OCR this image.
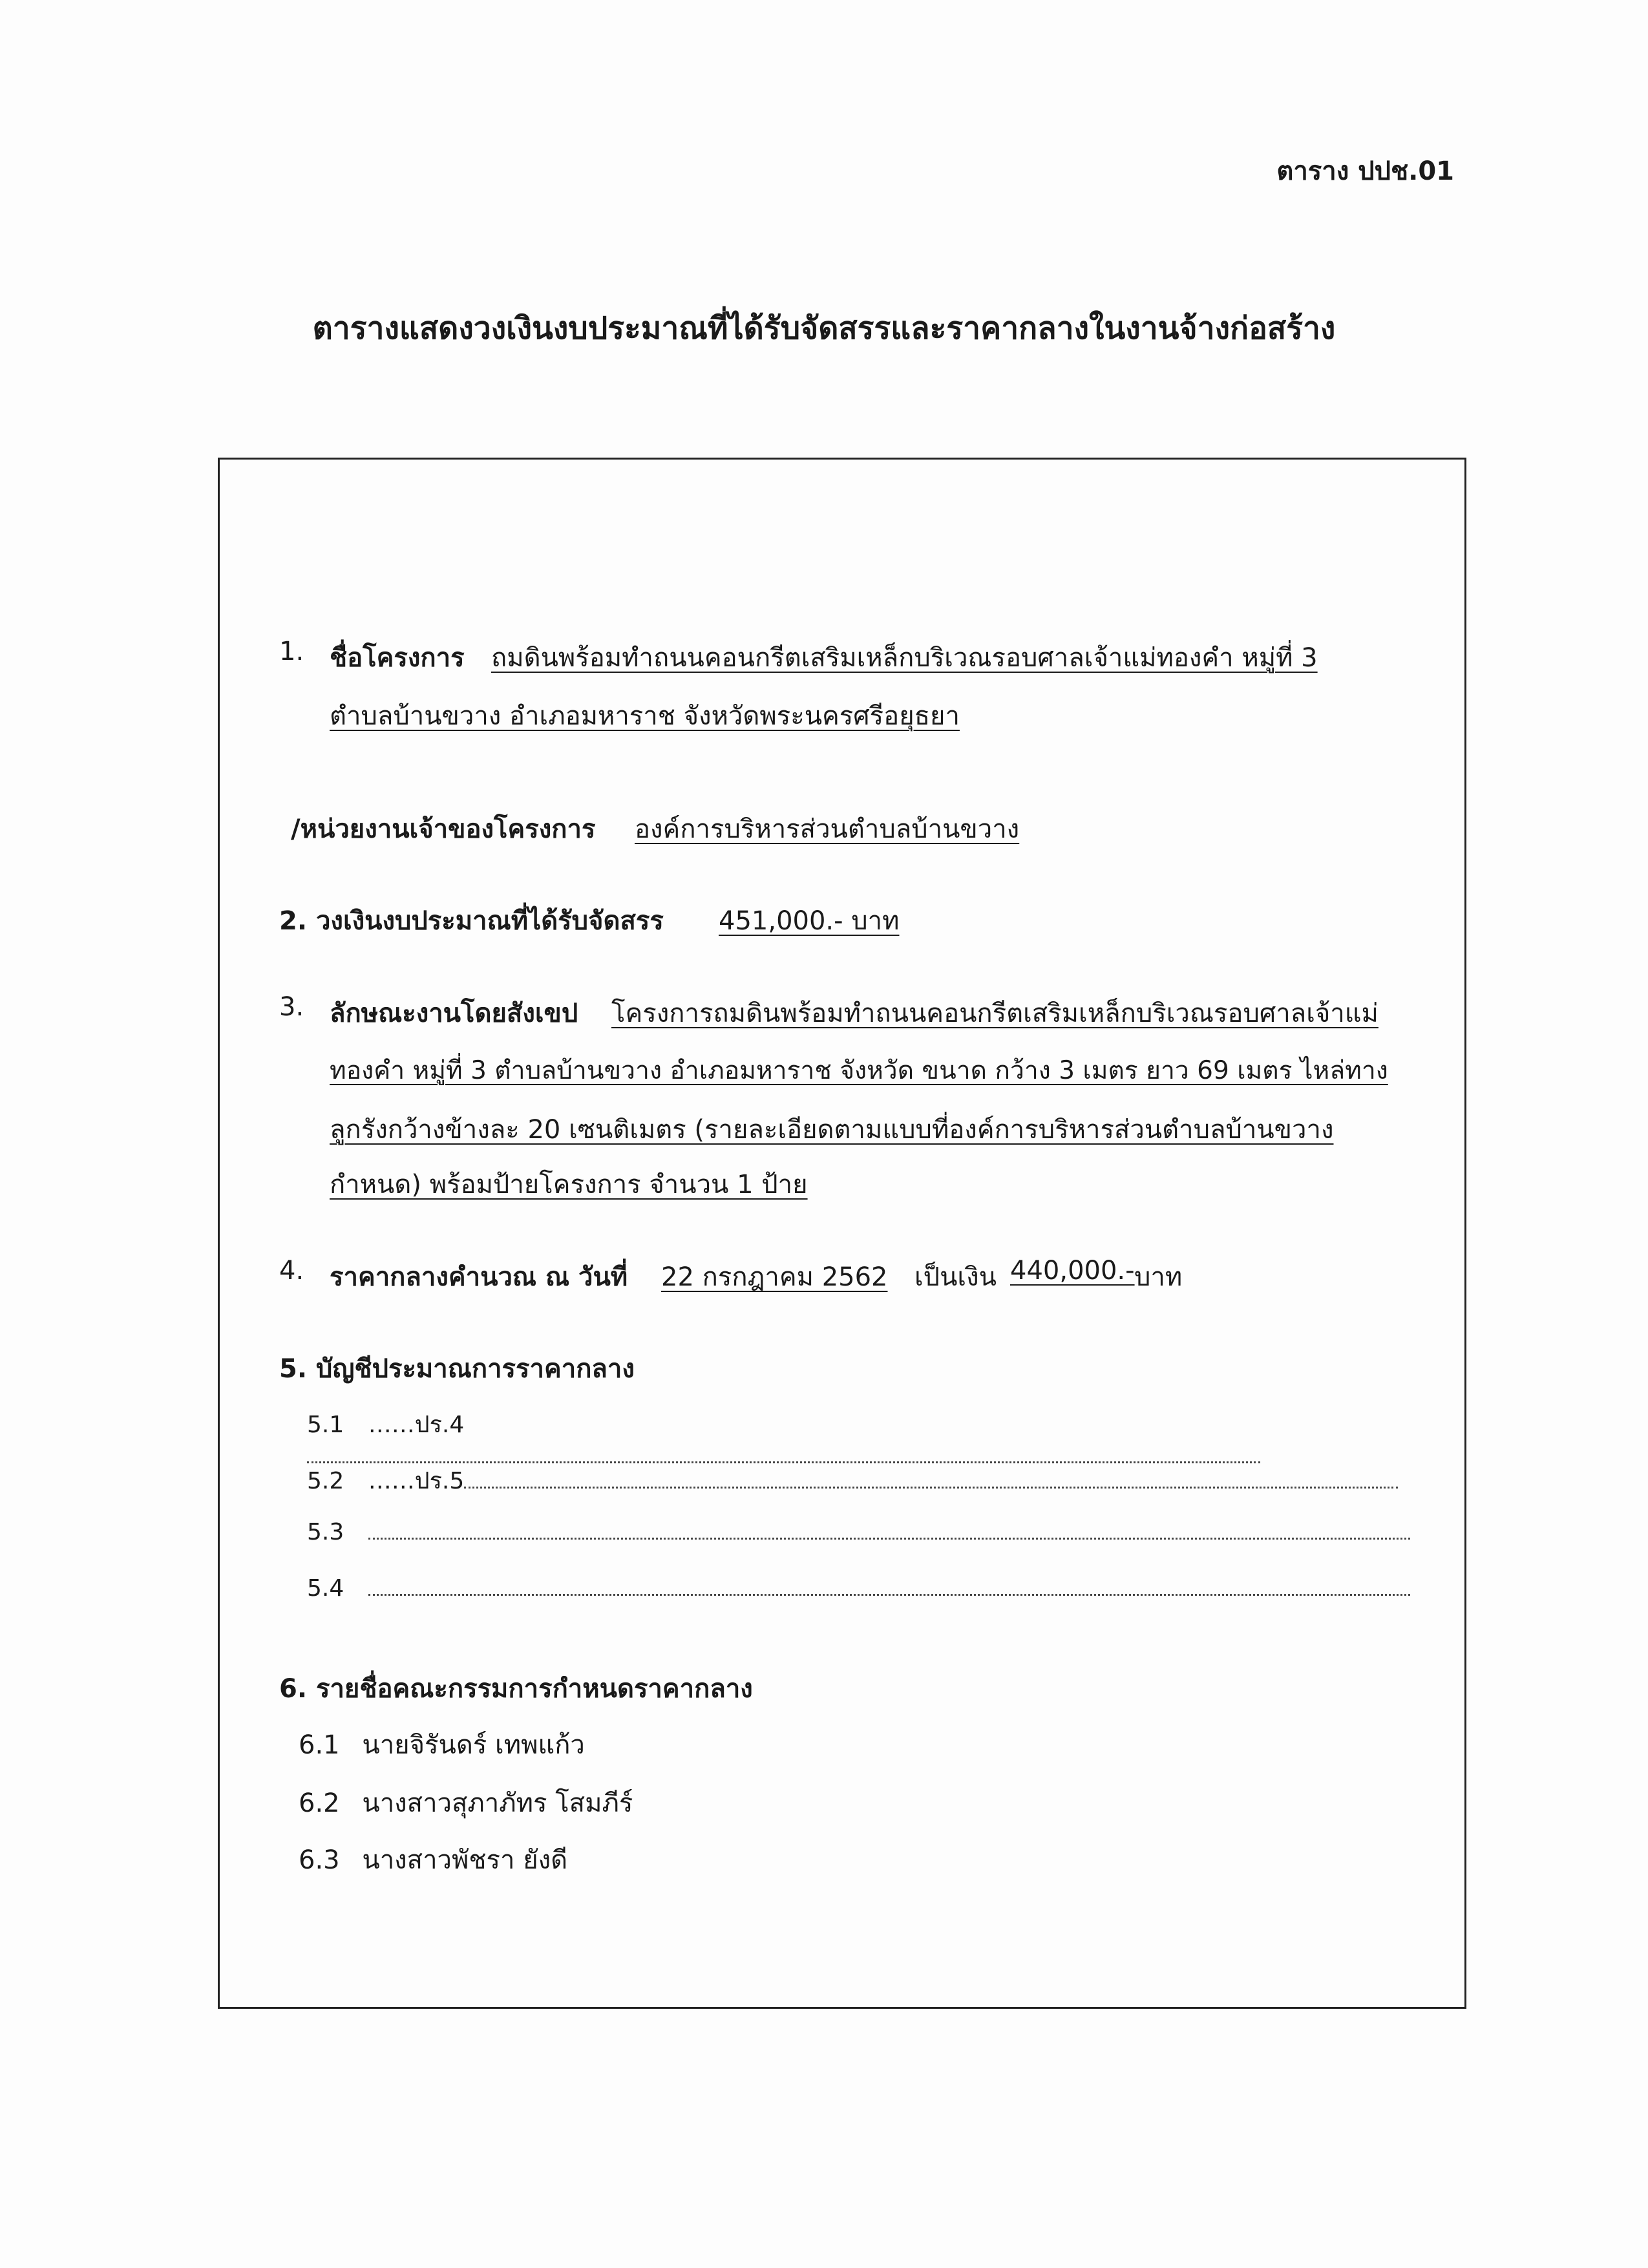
ตาราง ปปช.01
ตารางแสดงวงเงินงบประมาณที่ได้รับจัดสรรและราคากลางในงานจ้างก่อสร้าง
1. ชื่อโครงการ ถมดินพร้อมทำถนนคอนกรีตเสริมเหล็กบริเวณรอบศาลเจ้าแม่ทองคำ หมู่ที่ 3
ตำบลบ้านขวาง อำเภอมหาราช จังหวัดพระนครศรีอยุธยา
/หน่วยงานเจ้าของโครงการ องค์การบริหารส่วนตำบลบ้านขวาง
2. วงเงินงบประมาณที่ได้รับจัดสรร 451,000.- บาท
3. ลักษณะงานโดยสังเขป โครงการถมดินพร้อมทำถนนคอนกรีตเสริมเหล็กบริเวณรอบศาลเจ้าแม่
ทองคำ หมู่ที่ 3 ตำบลบ้านขวาง อำเภอมหาราช จังหวัด ขนาด กว้าง 3 เมตร ยาว 69 เมตร ไหล่ทาง
ลูกรังกว้างข้างละ 20 เซนติเมตร (รายละเอียดตามแบบที่องค์การบริหารส่วนตำบลบ้านขวาง
กำหนด) พร้อมป้ายโครงการ จำนวน 1 ป้าย
4. ราคากลางคำนวณ ณ วันที่ 22 กรกฎาคม 2562 เป็นเงิน 440,000.- บาท
5. บัญชีประมาณการราคากลาง
5.1 ……ปร.4
5.2 ……ปร.5
5.3
5.4
6. รายชื่อคณะกรรมการกำหนดราคากลาง
6.1 นายจิรันดร์ เทพแก้ว
6.2 นางสาวสุภาภัทร โสมภีร์
6.3 นางสาวพัชรา ยังดี
